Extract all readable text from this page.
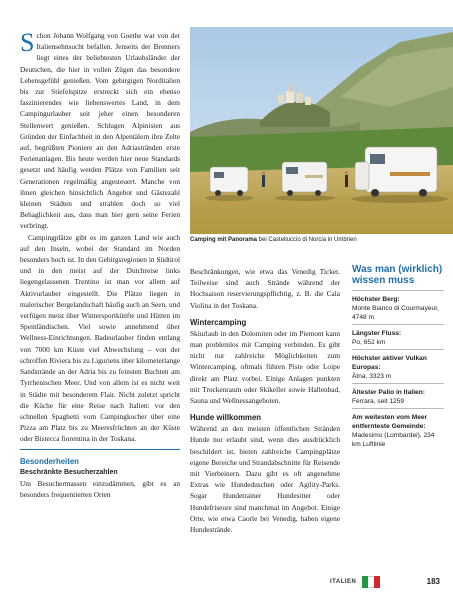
Schon Johann Wolfgang von Goethe war von der Italiensehnsucht befallen. Jenseits der Brenners liegt eines der beliebtesten Urlaubsländer der Deutschen, die hier in vollen Zügen das besondere Lebensgefühl genießen. Vom gebirgigen Norditalien bis zur Stiefelspitze erstreckt sich ein ebenso faszinierendes wie liebenswertes Land, in dem Campingurlauber seit jeher einen besonderen Stellenwert genießen. Schlugen Alpinisten aus Gründen der Einfachheit in den Alpentälern ihre Zelte auf, begrüßten Pioniere an den Adriastränden erste Ferienanlagen. Bis heute werden hier neue Standards gesetzt und häufig werden Plätze von Familien seit Generationen regelmäßig angesteuert. Manche von ihnen gleichen hinsichtlich Angebot und Gästezahl kleinen Städten und strahlen doch so viel Behaglichkeit aus, dass man hier gern seine Ferien verbringt.

Campingplätze gibt es im ganzen Land wie auch auf den Inseln, wobei der Standard im Norden besonders hoch ist. In den Gebirgsregionen in Südtirol und in den meist auf der Dutchreise links liegengelassenen Trentino ist man vor allem auf Aktivurlauber eingestellt. Die Plätze liegen in malerischer Bergelandschaft häufig auch an Seen, und verfügen meist über Wintersportkünfte und Hütten im Speinländischen. Viel sowie annehmend über Wellness-Einrichtungen. Badeurlauber finden entlang von 7000 km Küste viel Abwechslung – von der schroffen Riviera bis zu Liguriens über kilometerlange Sandstrände an der Adria bis zu feinsten Buchten am Tyrrhenischen Meer. Und von allem ist es nicht weit in Städte mit besonderem Flair. Nicht zuletzt spricht die Küche für eine Reise nach Italien: vor den schnellen Spaghetti vom Campingkocher über eine Pizza am Platz bis zu Meeresfrüchten an der Küste oder Bistecca fiorentina in der Toskana.

Besonderheiten
Beschränkte Besucherzahlen

Um Besuchermassen einzudämmen, gibt es an besonders frequentierten Orten

Camping mit Panorama bei Castelluccio di Norcia in Umbrien

Beschränkungen, wie etwa das Venedig Ticket. Teilweise sind auch Strände während der Hochsaison reservierungspflichtig, z. B. die Cala Violina in der Toskana.

Wintercamping

Skiurlaub in den Dolomiten oder im Piemont kann man problemlos mit Camping verbinden. Es gibt nicht nur zahlreiche Möglichkeiten zum Wintercamping, oftmals führen Piste oder Loipe direkt am Platz vorbei. Einige Anlagen punkten mit Trockenraum oder Skikeller sowie Hallenbad, Sauna und Wellnessangeboten.

Hunde willkommen

Während an den meisten öffentlichen Stränden Hunde nur erlaubt sind, wenn dies ausdrücklich beschildert ist, bieten zahlreiche Campingplätze eigene Bereiche und Strandabschnitte für Reisende mit Vierbeinern. Dazu gibt es oft angenehme Extras wie Hundeduschen oder Agility-Parks. Sogar Hundetrainer Hundesitter oder Hundefriseure sind manchmal im Angebot. Einige Orte, wie etwa Caorle bei Venedig, haben eigene Hundestrände.

Was man (wirklich) wissen muss
Höchster Berg:
Monte Bianco di Courmayeur, 4748 m
Längster Fluss:
Po, 652 km
Höchster aktiver Vulkan Europas:
Ätna, 3323 m
Ältester Palio in Italien:
Ferrara, seit 1259
Am weitesten vom Meer entfernteste Gemeinde:
Madesimo (Lombardei), 234 km Luftlinie
ITALIEN	183
